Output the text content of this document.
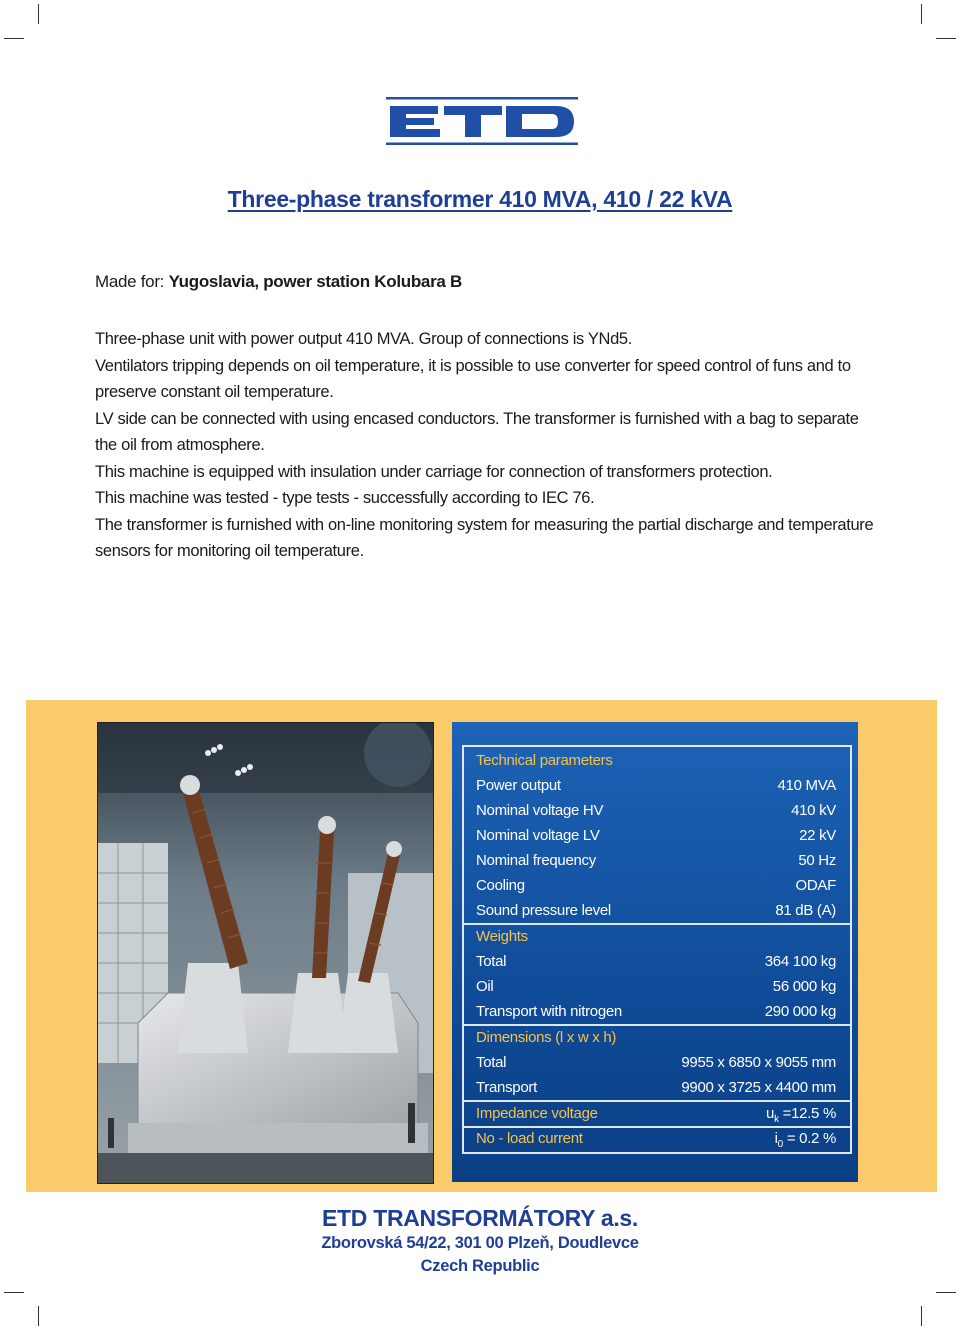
Three-phase transformer 410 MVA, 410 / 22 kVA
Made for: Yugoslavia, power station Kolubara B

Three-phase unit with power output 410 MVA. Group of connections is YNd5.

Ventilators tripping depends on oil temperature, it is possible to use converter for speed control of funs and to preserve constant oil temperature.

LV side can be connected with using encased conductors. The transformer is furnished with a bag to separate the oil from atmosphere.

This machine is equipped with insulation under carriage for connection of transformers protection.

This machine was tested - type tests - successfully according to IEC 76.

The transformer is furnished with on-line monitoring system for measuring the partial discharge and temperature sensors for monitoring oil temperature.

Technical parameters
Power output	410 MVA
Nominal voltage HV	410 kV
Nominal voltage LV	22 kV
Nominal frequency	50 Hz
Cooling	ODAF
Sound pressure level	81 dB (A)
Weights
Total	364 100 kg
Oil	56 000 kg
Transport with nitrogen	290 000 kg
Dimensions (l x w x h)
Total	9955 x 6850 x 9055 mm
Transport	9900 x 3725 x 4400 mm
Impedance voltage	$u_k =12.5$ %
No - load current	$i_0 = 0.2$ %
ETD TRANSFORMÁTORY a.s.
Zborovská 54/22, 301 00 Plzeň, Doudlevce
Czech Republic
